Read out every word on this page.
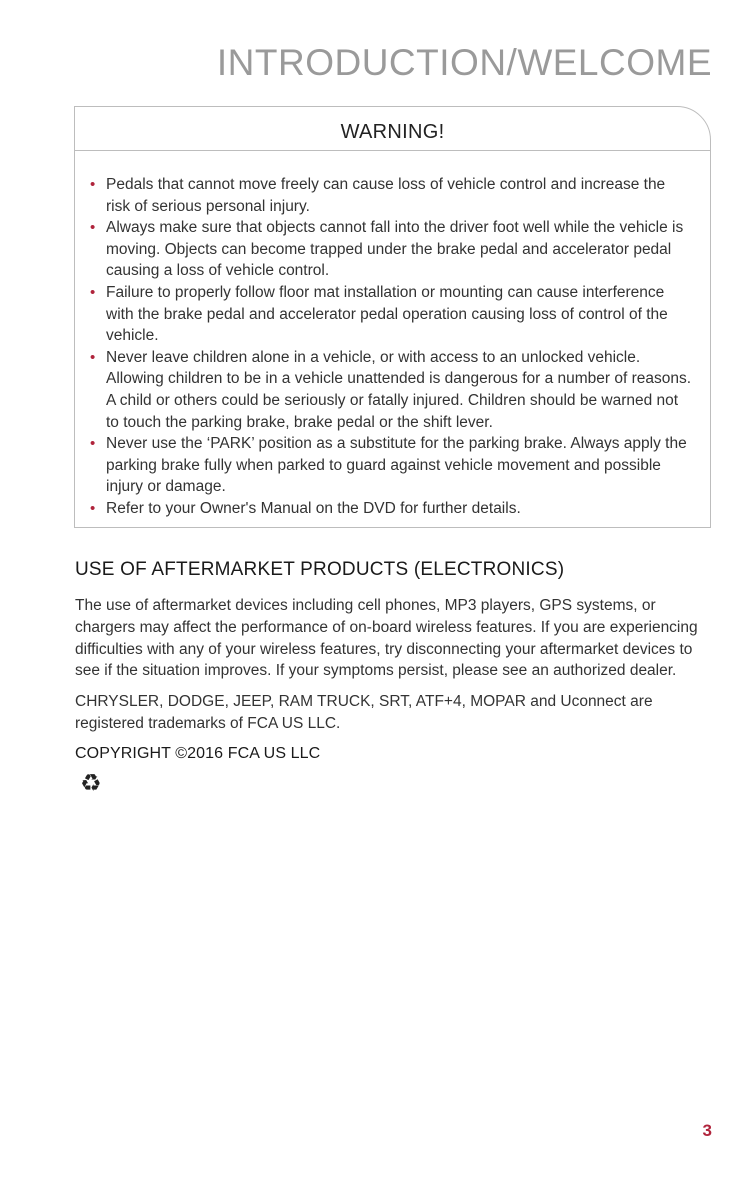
INTRODUCTION/WELCOME
WARNING!
• Pedals that cannot move freely can cause loss of vehicle control and increase the risk of serious personal injury.
• Always make sure that objects cannot fall into the driver foot well while the vehicle is moving. Objects can become trapped under the brake pedal and accelerator pedal causing a loss of vehicle control.
• Failure to properly follow floor mat installation or mounting can cause interference with the brake pedal and accelerator pedal operation causing loss of control of the vehicle.
• Never leave children alone in a vehicle, or with access to an unlocked vehicle. Allowing children to be in a vehicle unattended is dangerous for a number of reasons. A child or others could be seriously or fatally injured. Children should be warned not to touch the parking brake, brake pedal or the shift lever.
• Never use the ‘PARK’ position as a substitute for the parking brake. Always apply the parking brake fully when parked to guard against vehicle movement and possible injury or damage.
• Refer to your Owner's Manual on the DVD for further details.
USE OF AFTERMARKET PRODUCTS (ELECTRONICS)

The use of aftermarket devices including cell phones, MP3 players, GPS systems, or chargers may affect the performance of on-board wireless features. If you are experiencing difficulties with any of your wireless features, try disconnecting your aftermarket devices to see if the situation improves. If your symptoms persist, please see an authorized dealer.

CHRYSLER, DODGE, JEEP, RAM TRUCK, SRT, ATF+4, MOPAR and Uconnect are registered trademarks of FCA US LLC.

COPYRIGHT ©2016 FCA US LLC

♻
3
